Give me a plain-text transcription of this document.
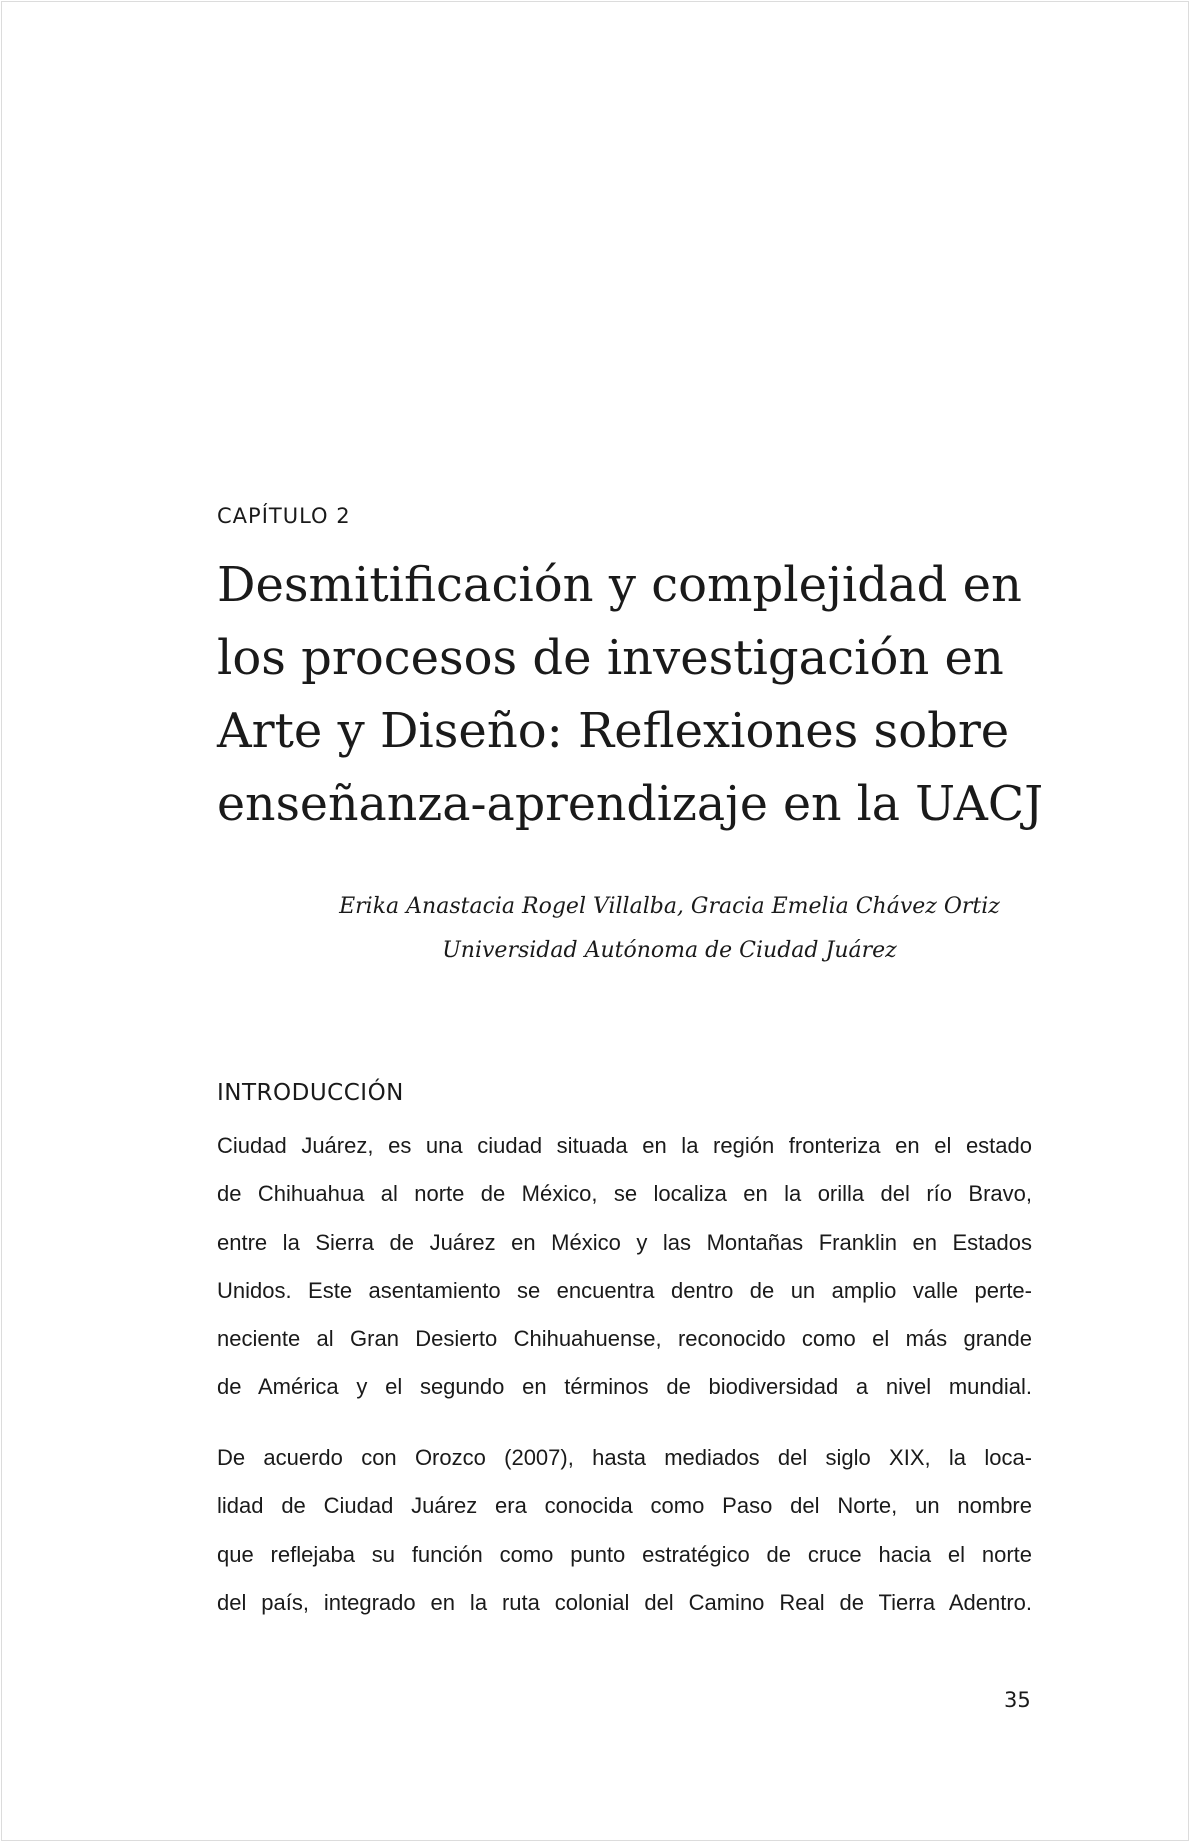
CAPÍTULO 2
Desmitificación y complejidad en
los procesos de investigación en
Arte y Diseño: Reflexiones sobre
enseñanza-aprendizaje en la UACJ
Erika Anastacia Rogel Villalba, Gracia Emelia Chávez Ortiz
Universidad Autónoma de Ciudad Juárez
INTRODUCCIÓN
Ciudad Juárez, es una ciudad situada en la región fronteriza en el estado
de Chihuahua al norte de México, se localiza en la orilla del río Bravo,
entre la Sierra de Juárez en México y las Montañas Franklin en Estados
Unidos. Este asentamiento se encuentra dentro de un amplio valle perte-
neciente al Gran Desierto Chihuahuense, reconocido como el más grande
de América y el segundo en términos de biodiversidad a nivel mundial.
De acuerdo con Orozco (2007), hasta mediados del siglo XIX, la loca-
lidad de Ciudad Juárez era conocida como Paso del Norte, un nombre
que reflejaba su función como punto estratégico de cruce hacia el norte
del país, integrado en la ruta colonial del Camino Real de Tierra Adentro.
35
